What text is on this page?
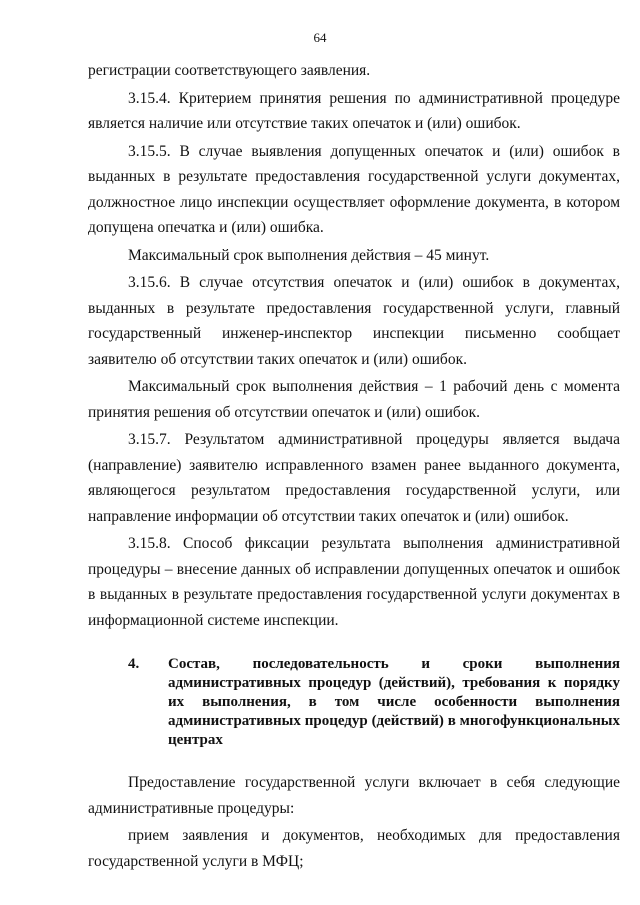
64

регистрации соответствующего заявления.

3.15.4. Критерием принятия решения по административной процедуре является наличие или отсутствие таких опечаток и (или) ошибок.

3.15.5. В случае выявления допущенных опечаток и (или) ошибок в выданных в результате предоставления государственной услуги документах, должностное лицо инспекции осуществляет оформление документа, в котором допущена опечатка и (или) ошибка.

Максимальный срок выполнения действия – 45 минут.

3.15.6. В случае отсутствия опечаток и (или) ошибок в документах, выданных в результате предоставления государственной услуги, главный государственный инженер-инспектор инспекции письменно сообщает заявителю об отсутствии таких опечаток и (или) ошибок.

Максимальный срок выполнения действия – 1 рабочий день с момента принятия решения об отсутствии опечаток и (или) ошибок.

3.15.7. Результатом административной процедуры является выдача (направление) заявителю исправленного взамен ранее выданного документа, являющегося результатом предоставления государственной услуги, или направление информации об отсутствии таких опечаток и (или) ошибок.

3.15.8. Способ фиксации результата выполнения административной процедуры – внесение данных об исправлении допущенных опечаток и ошибок в выданных в результате предоставления государственной услуги документах в информационной системе инспекции.

4.	Состав, последовательность и сроки выполнения административных процедур (действий), требования к порядку их выполнения, в том числе особенности выполнения административных процедур (действий) в многофункциональных центрах

Предоставление государственной услуги включает в себя следующие административные процедуры:

прием заявления и документов, необходимых для предоставления государственной услуги в МФЦ;
